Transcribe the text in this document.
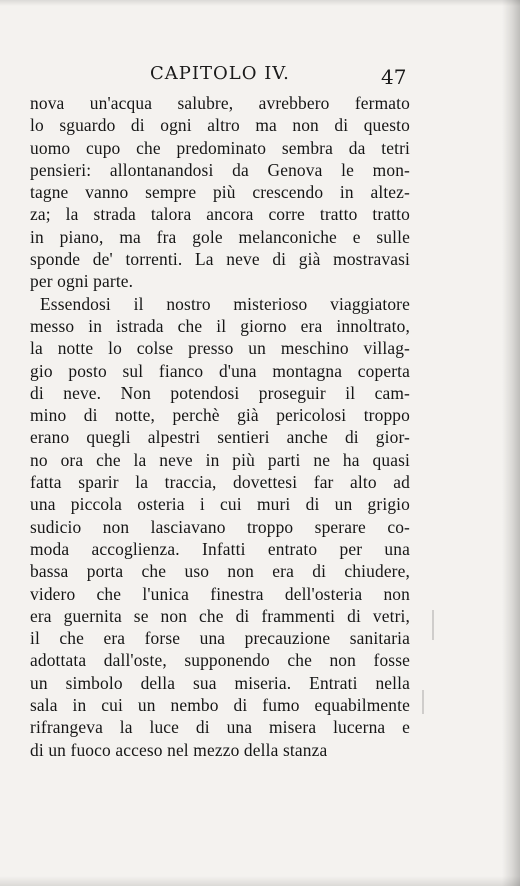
CAPITOLO IV.	47
nova un'acqua salubre, avrebbero fermato
lo sguardo di ogni altro ma non di questo
uomo cupo che predominato sembra da tetri
pensieri: allontanandosi da Genova le mon-
tagne vanno sempre più crescendo in altez-
za; la strada talora ancora corre tratto tratto
in piano, ma fra gole melanconiche e sulle
sponde de' torrenti. La neve di già mostravasi
per ogni parte.
Essendosi il nostro misterioso viaggiatore
messo in istrada che il giorno era innoltrato,
la notte lo colse presso un meschino villag-
gio posto sul fianco d'una montagna coperta
di neve. Non potendosi proseguir il cam-
mino di notte, perchè già pericolosi troppo
erano quegli alpestri sentieri anche di gior-
no ora che la neve in più parti ne ha quasi
fatta sparir la traccia, dovettesi far alto ad
una piccola osteria i cui muri di un grigio
sudicio non lasciavano troppo sperare co-
moda accoglienza. Infatti entrato per una
bassa porta che uso non era di chiudere,
videro che l'unica finestra dell'osteria non
era guernita se non che di frammenti di vetri,
il che era forse una precauzione sanitaria
adottata dall'oste, supponendo che non fosse
un simbolo della sua miseria. Entrati nella
sala in cui un nembo di fumo equabilmente
rifrangeva la luce di una misera lucerna e
di un fuoco acceso nel mezzo della stanza
